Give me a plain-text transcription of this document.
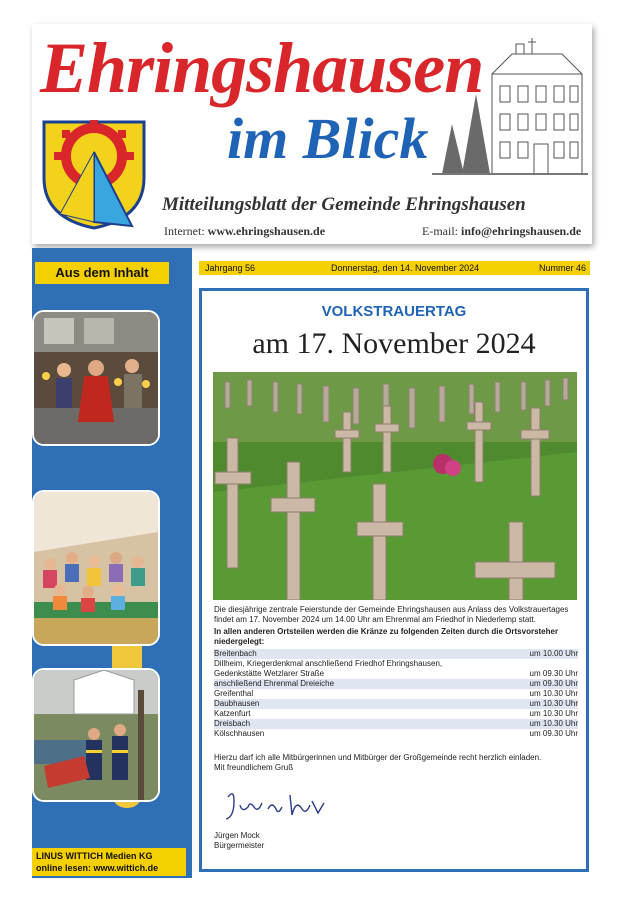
Ehringshausen
im Blick
Mitteilungsblatt der Gemeinde Ehringshausen
Internet: www.ehringshausen.de	E-mail: info@ehringshausen.de
Aus dem Inhalt
LINUS WITTICH Medien KG
online lesen: www.wittich.de
Jahrgang 56	Donnerstag, den 14. November 2024	Nummer 46
VOLKSTRAUERTAG
am 17. November 2024
Die diesjährige zentrale Feierstunde der Gemeinde Ehringshausen aus Anlass des Volkstrauertages findet am 17. November 2024 um 14.00 Uhr am Ehrenmal am Friedhof in Niederlemp statt.
In allen anderen Ortsteilen werden die Kränze zu folgenden Zeiten durch die Ortsvorsteher niedergelegt:
Breitenbach	um 10.00 Uhr
Dillheim, Kriegerdenkmal anschließend Friedhof Ehringshausen,
Gedenkstätte Wetzlarer Straße	um 09.30 Uhr
anschließend Ehrenmal Dreieiche	um 09.30 Uhr
Greifenthal	um 10.30 Uhr
Daubhausen	um 10.30 Uhr
Katzenfurt	um 10.30 Uhr
Dreisbach	um 10.30 Uhr
Kölschhausen	um 09.30 Uhr
Hierzu darf ich alle Mitbürgerinnen und Mitbürger der Großgemeinde recht herzlich einladen.
Mit freundlichem Gruß
Jürgen Mock
Bürgermeister
